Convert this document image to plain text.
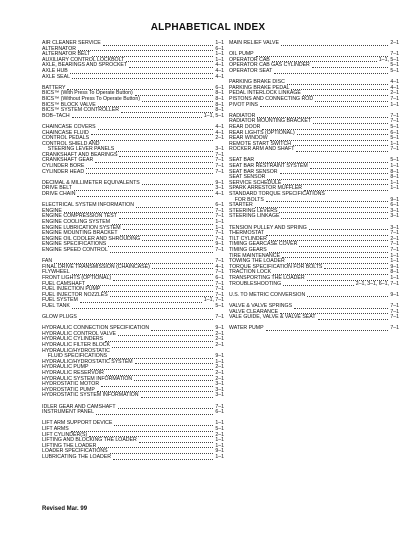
ALPHABETICAL INDEX
AIR CLEANER SERVICE	1–1
ALTERNATOR	6–1
ALTERNATOR BELT	1–1
AUXILIARY CONTROL LOCKBOLT	1–1
AXLE, BEARINGS AND SPROCKET	4–1
AXLE HUB	4–1
AXLE SEAL	4–1
BATTERY	6–1
BICS™ (With Press To Operate Button)	8–1
BICS™ (Without Press To Operate Button)	8–1
BICS™ BLOCK VALVE	8–1
BICS™ SYSTEM CONTROLLER	8–1
BOB–TACH	1–1, 5–1
CHAINCASE COVERS	4–1
CHAINCASE FLUID	4–1
CONTROL PEDALS	2–1
CONTROL SHIELD AND
STEERING LEVER PANELS	3–1
CRANKSHAFT AND BEARINGS	7–1
CRANKSHAFT GEAR	7–1
CYLINDER BORE	7–1
CYLINDER HEAD	7–1
DECIMAL & MILLIMETER EQUIVALENTS	9–1
DRIVE BELT	3–1
DRIVE CHAIN	4–1
ELECTRICAL SYSTEM INFORMATION	6–1
ENGINE	7–1
ENGINE COMPRESSION TEST	7–1
ENGINE COOLING SYSTEM	1–1
ENGINE LUBRICATION SYSTEM	1–1
ENGINE MOUNTING BRACKET	7–1
ENGINE OIL COOLER AND SHROUDING	7–1
ENGINE SPECIFICATIONS	9–1
ENGINE SPEED CONTROL	7–1
FAN	7–1
FINAL DRIVE TRANSMISSION (CHAINCASE)	4–1
FLYWHEEL	7–1
FRONT LIGHTS (OPTIONAL)	6–1
FUEL CAMSHAFT	7–1
FUEL INJECTION PUMP	7–1
FUEL INJECTOR NOZZLES	7–1
FUEL SYSTEM	1–1, 7–1
FUEL TANK	5–1
GLOW PLUGS	7–1
HYDRAULIC CONNECTION SPECIFICATION	9–1
HYDRAULIC CONTROL VALVE	2–1
HYDRAULIC CYLINDERS	2–1
HYDRAULIC FILTER BLOCK	2–1
HYDRAULIC/HYDROSTATIC
FLUID SPECIFICATIONS	9–1
HYDRAULIC/HYDROSTATIC SYSTEM	1–1
HYDRAULIC PUMP	2–1
HYDRAULIC RESERVOIR	2–1
HYDRAULIC SYSTEM INFORMATION	2–1
HYDROSTATIC MOTOR	3–1
HYDROSTATIC PUMP	3–1
HYDROSTATIC SYSTEM INFORMATION	3–1
IDLER GEAR AND CAMSHAFT	7–1
INSTRUMENT PANEL	6–1
LIFT ARM SUPPORT DEVICE	1–1
LIFT ARMS	5–1
LIFT CYLINDER(S)	2–1
LIFTING AND BLOCKING THE LOADER	1–1
LIFTING THE LOADER	1–1
LOADER SPECIFICATIONS	9–1
LUBRICATING THE LOADER	1–1
MAIN RELIEF VALVE	2–1
OIL PUMP	7–1
OPERATOR CAB	1–1, 5–1
OPERATOR CAB GAS CYLINDER	5–1
OPERATOR SEAT	5–1
PARKING BRAKE DISC	4–1
PARKING BRAKE PEDAL	4–1
PEDAL INTERLOCK LINKAGE	2–1
PISTONS AND CONNECTING ROD	7–1
PIVOT PINS	1–1
RADIATOR	7–1
RADIATOR MOUNTING BRACKET	7–1
REAR DOOR	5–1
REAR LIGHTS (OPTIONAL)	6–1
REAR WINDOW	5–1
REMOTE START SWITCH	1–1
ROCKER ARM AND SHAFT	7–1
SEAT BAR	5–1
SEAT BAR RESTRAINT SYSTEM	1–1
SEAT BAR SENSOR	8–1
SEAT SENSOR	8–1
SERVICE SCHEDULE	1–1
SPARK ARRESTOR MUFFLER	1–1
STANDARD TORQUE SPECIFICATIONS
FOR BOLTS	9–1
STARTER	6–1
STEERING LEVERS	3–1
STEERING LINKAGE	3–1
TENSION PULLEY AND SPRING	3–1
THERMOSTAT	7–1
TILT CYLINDER	2–1
TIMING GEARCASE COVER	7–1
TIMING GEARS	7–1
TIRE MAINTENANCE	1–1
TOWING THE LOADER	1–1
TORQUE SPECIFICATION FOR BOLTS	9–1
TRACTION LOCK	8–1
TRANSPORTING THE LOADER	1–1
TROUBLESHOOTING	2–1, 3–1, 6–1, 7–1
U.S. TO METRIC CONVERSION	9–1
VALVE & VALVE SPRINGS	7–1
VALVE CLEARANCE	7–1
VALE GUIDE, VALVE & VALVE SEAT	7–1
WATER PUMP	7–1
Revised Mar. 99
